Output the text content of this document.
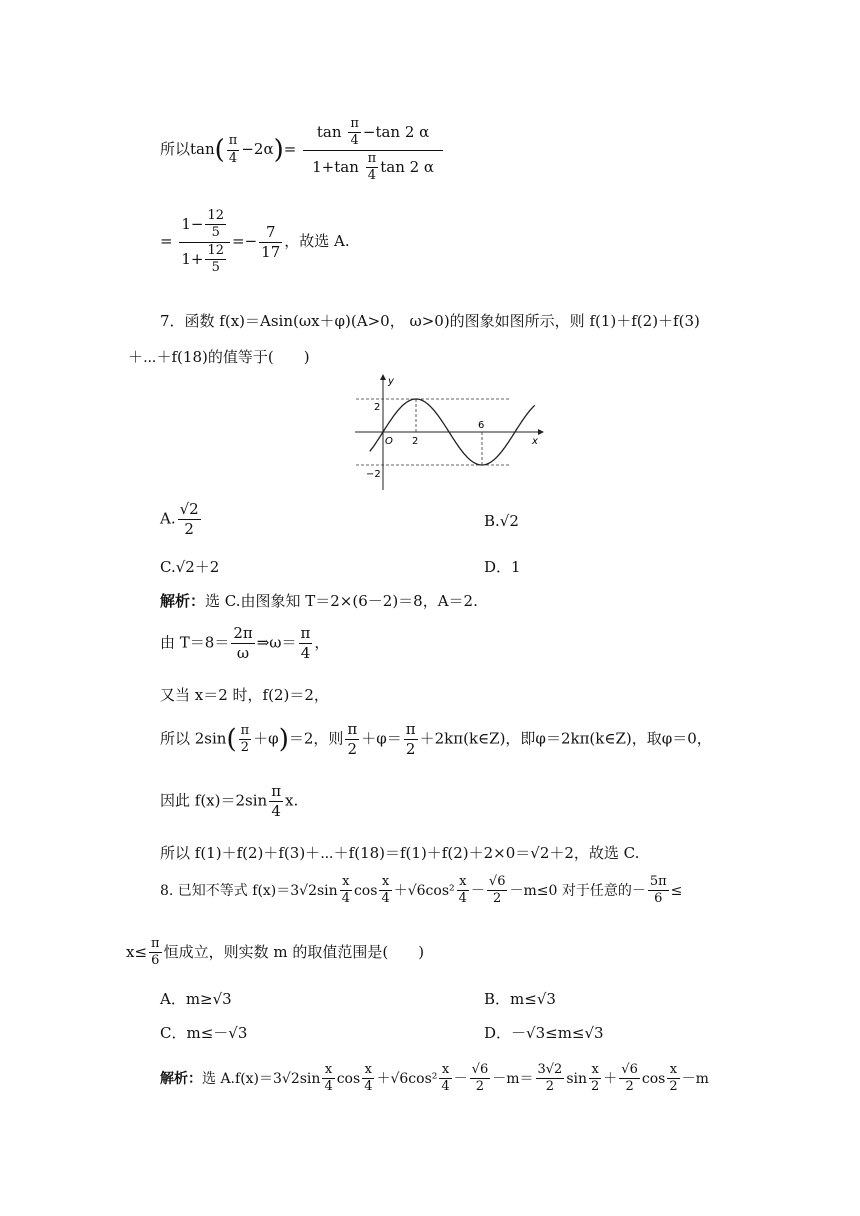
所以$\tan( \frac{\pi}{4} -2\alpha)= \frac{\tan \frac{\pi}{4} -\tan 2 \alpha}{1+\tan \frac{\pi}{4} \tan 2 \alpha}$
= $\frac{1- \frac{12}{5}}{1+ \frac{12}{5}} =- \frac{7}{17}$ ，故选 A.
7．函数 f(x)＝Asin(ωx＋φ)(A>0， ω>0)的图象如图所示，则 f(1)＋f(2)＋f(3)
＋⋯＋f(18)的值等于(　　)
y
x
O 2
6
2
−2
A. $\frac{√2}{2}$	B.√2
C.√2＋2	D．1
解析：选 C.由图象知 T＝2×(6－2)＝8，A＝2.
由 $T=8= \frac{2\pi}{\omega}$ ⇒ω＝ $\frac{\pi}{4}$ ，
又当 x＝2 时，f(2)＝2，
所以 $2\sin( \frac{\pi}{2} +\varphi)=2$，则 $\frac{\pi}{2} +\varphi= \frac{\pi}{2}$ ＋2kπ(k∈Z)，即φ＝2kπ(k∈Z)，取φ＝0，
因此 $f(x)=2\sin \frac{\pi}{4} x$.
所以 f(1)＋f(2)＋f(3)＋⋯＋f(18)＝f(1)＋f(2)＋2×0＝√2＋2，故选 C.
8. 已知不等式 $f(x)=3√2\sin \frac{x}{4}$ $\cos \frac{x}{4} +√6\cos^2 \frac{x}{4} - \frac{√6}{2} -m\le 0$ 对于任意的－ $\frac{5\pi}{6}$ ≤
$x\le \frac{\pi}{6}$ 恒成立，则实数 m 的取值范围是(　　)
A．m≥√3	B．m≤√3
C．m≤－√3	D．－√3≤m≤√3
解析：选 $A.f(x)=3√2\sin \frac{x}{4}$ $\cos \frac{x}{4} +√6\cos^2 \frac{x}{4} - \frac{√6}{2} -m= \frac{3√2}{2}$ $\sin \frac{x}{2} + \frac{√6}{2}$ $\cos \frac{x}{2} -m$
